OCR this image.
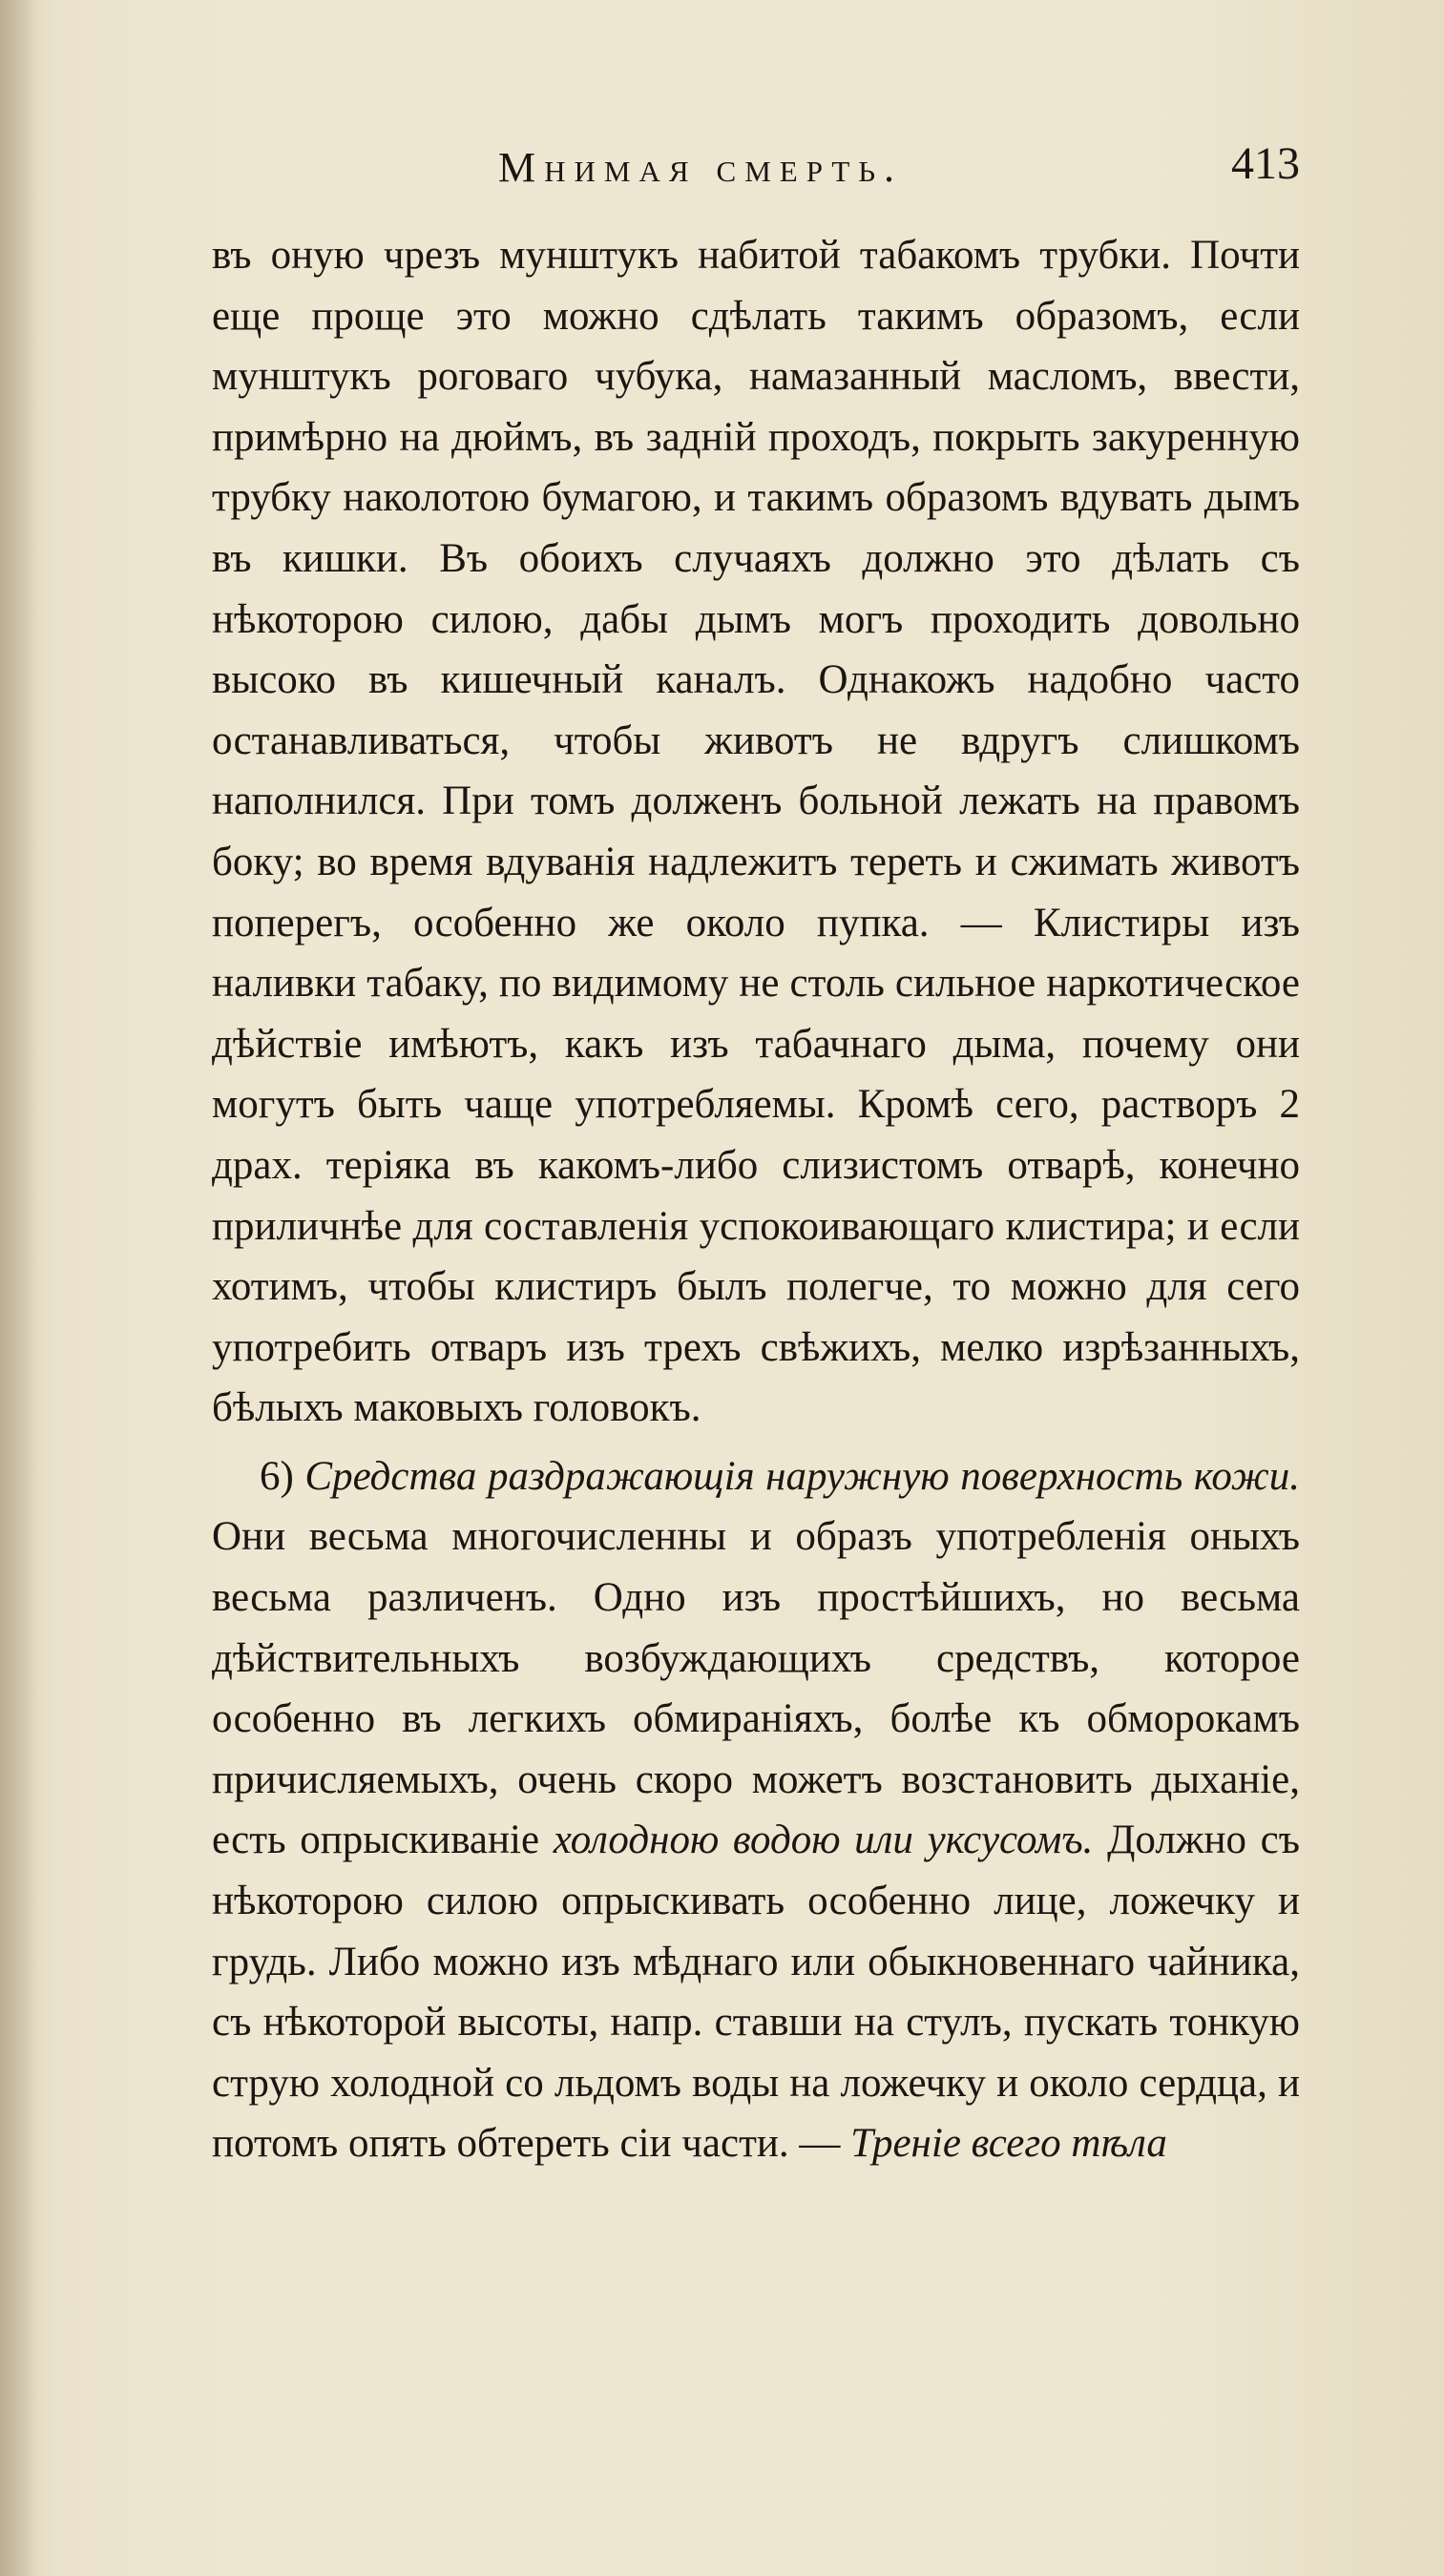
Мнимая смерть.	413

въ оную чрезъ мунштукъ набитой табакомъ трубки. Почти еще проще это можно сдѣлать такимъ образомъ, если мунштукъ роговаго чубука, намазанный масломъ, ввести, примѣрно на дюймъ, въ задній проходъ, покрыть закуренную трубку наколотою бумагою, и такимъ образомъ вдувать дымъ въ кишки. Въ обоихъ случаяхъ должно это дѣлать съ нѣкоторою силою, дабы дымъ могъ проходить довольно высоко въ кишечный каналъ. Однакожъ надобно часто останавливаться, чтобы животъ не вдругъ слишкомъ наполнился. При томъ долженъ больной лежать на правомъ боку; во время вдуванія надлежитъ тереть и сжимать животъ поперегъ, особенно же около пупка. — Клистиры изъ наливки табаку, по видимому не столь сильное наркотическое дѣйствіе имѣютъ, какъ изъ табачнаго дыма, почему они могутъ быть чаще употребляемы. Кромѣ сего, растворъ 2 драх. теріяка въ какомъ-либо слизистомъ отварѣ, конечно приличнѣе для составленія успокоивающаго клистира; и если хотимъ, чтобы клистиръ былъ полегче, то можно для сего употребить отваръ изъ трехъ свѣжихъ, мелко изрѣзанныхъ, бѣлыхъ маковыхъ головокъ.

6) Средства раздражающія наружную поверхность кожи. Они весьма многочисленны и образъ употребленія оныхъ весьма различенъ. Одно изъ простѣйшихъ, но весьма дѣйствительныхъ возбуждающихъ средствъ, которое особенно въ легкихъ обмираніяхъ, болѣе къ обморокамъ причисляемыхъ, очень скоро можетъ возстановить дыханіе, есть опрыскиваніе холодною водою или уксусомъ. Должно съ нѣкоторою силою опрыскивать особенно лице, ложечку и грудь. Либо можно изъ мѣднаго или обыкновеннаго чайника, съ нѣкоторой высоты, напр. ставши на стулъ, пускать тонкую струю холодной со льдомъ воды на ложечку и около сердца, и потомъ опять обтереть сіи части. — Треніе всего тѣла
